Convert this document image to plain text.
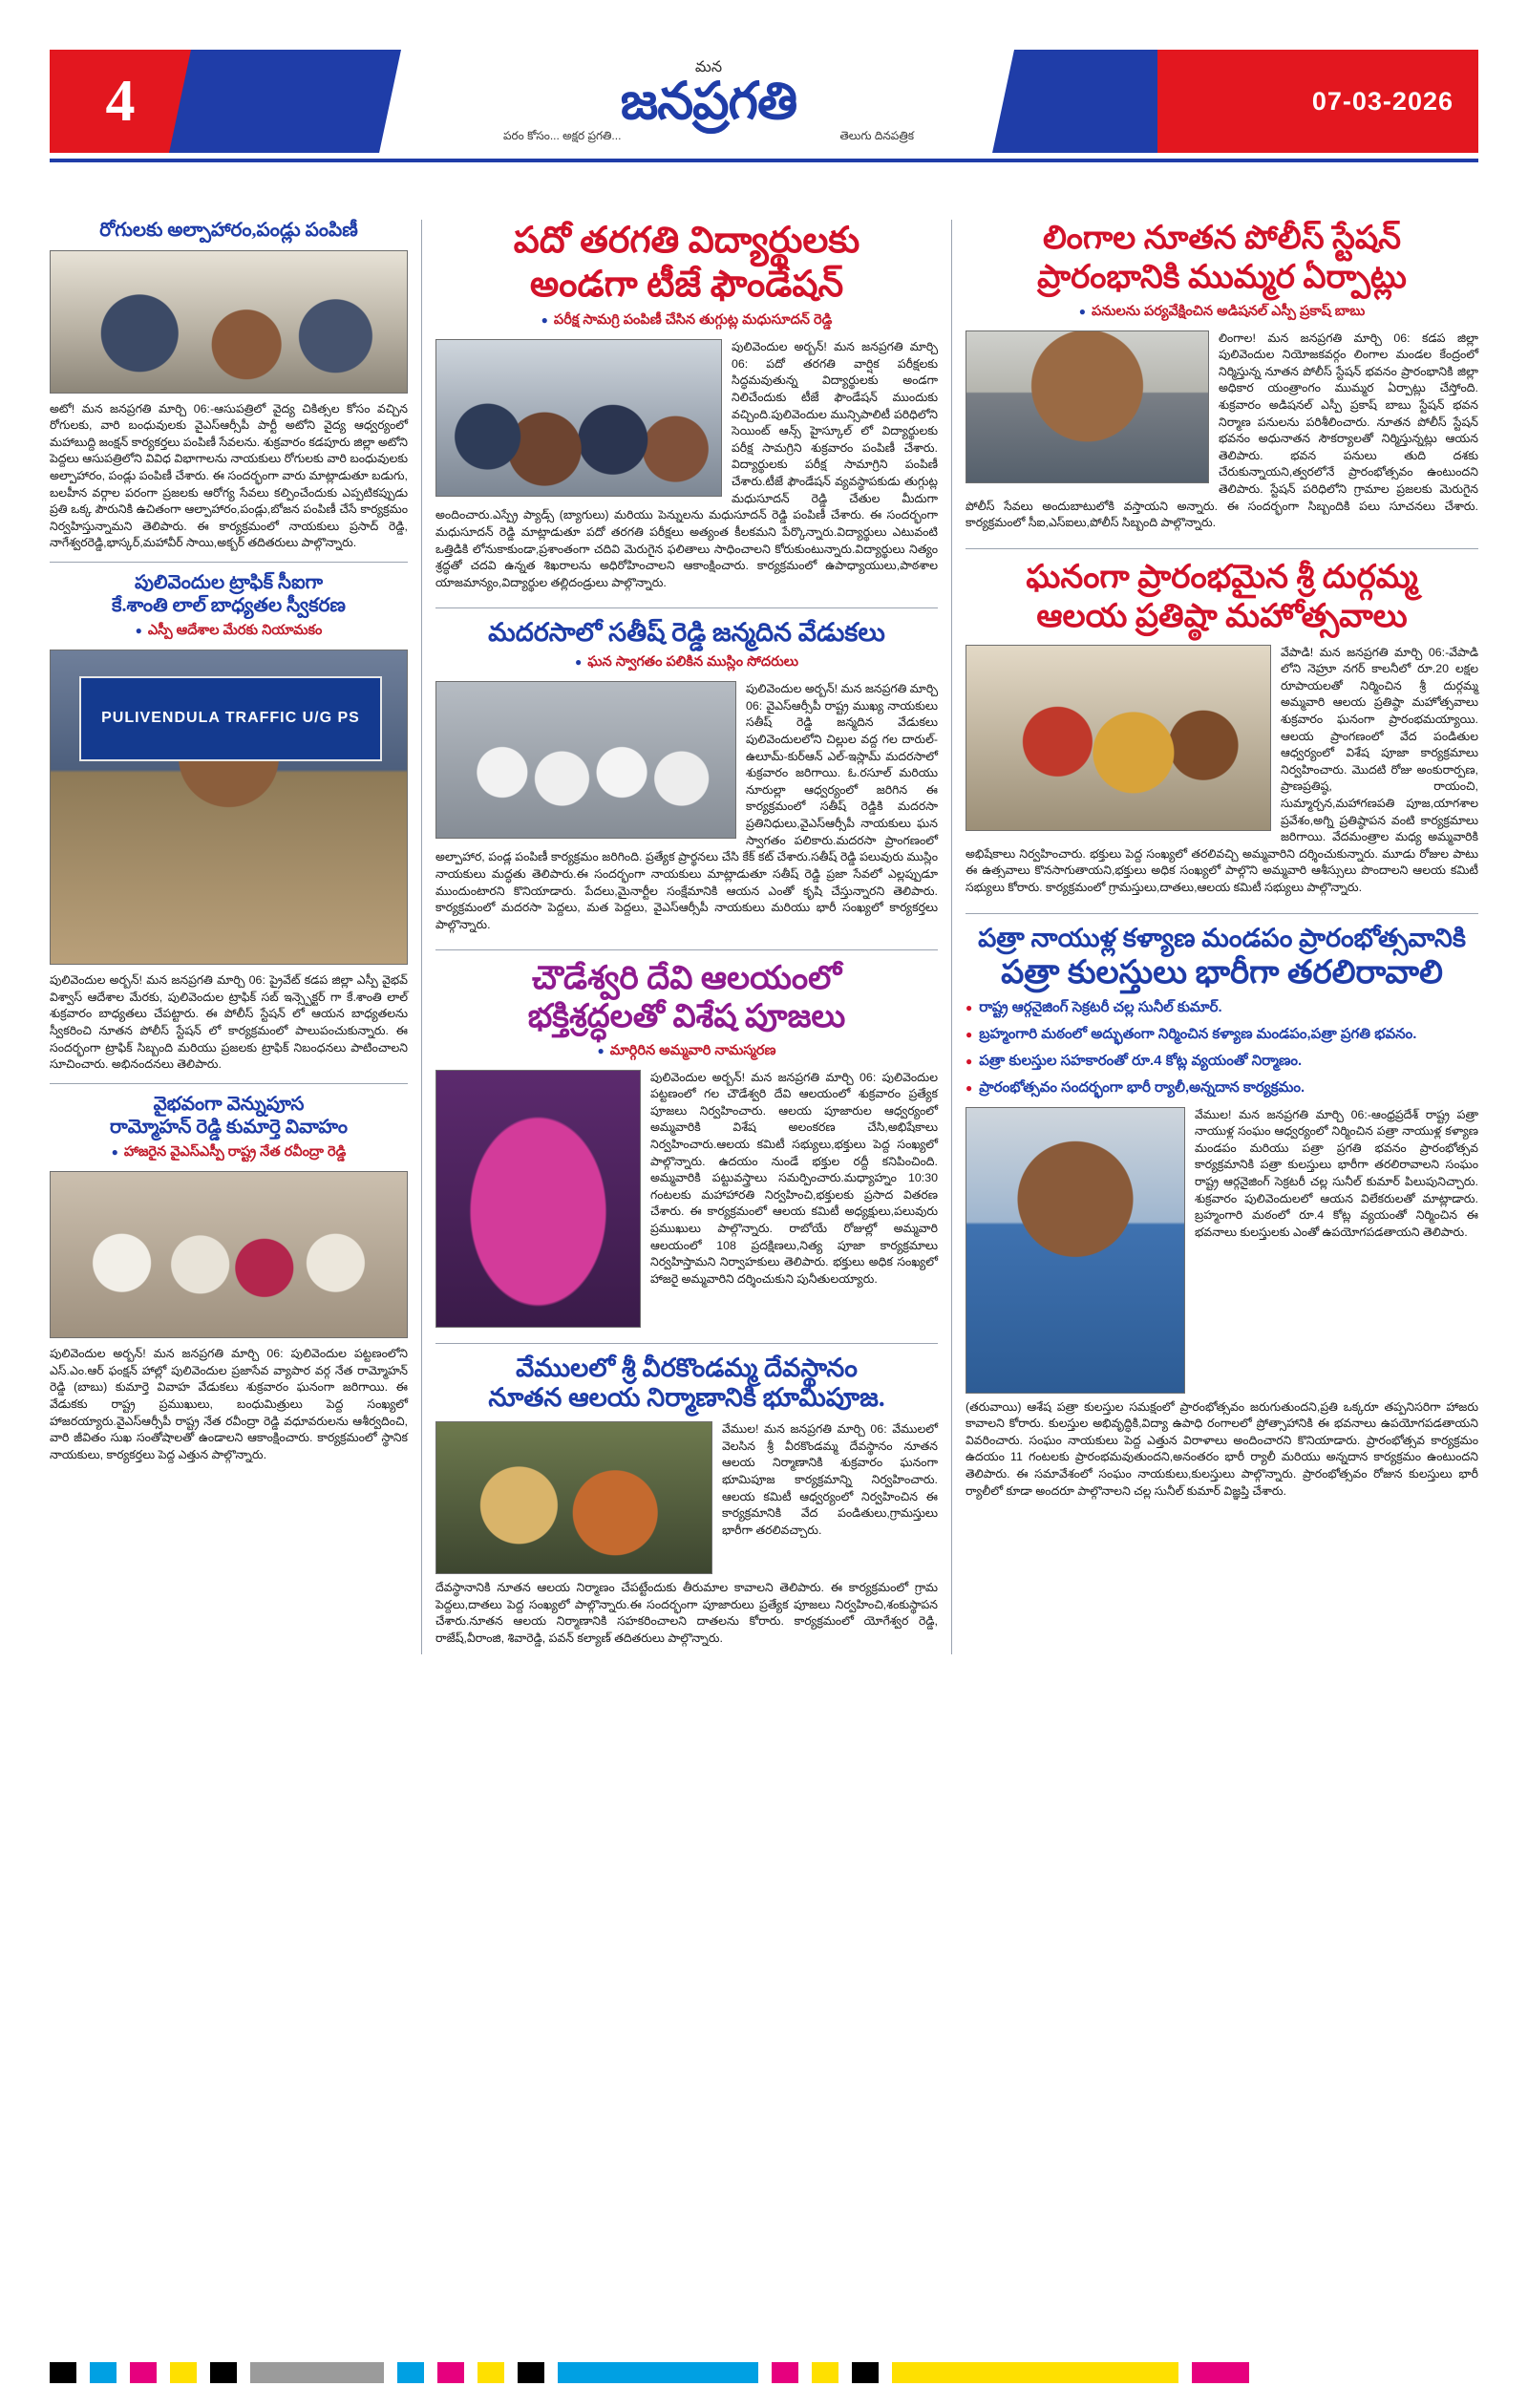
4
మన
జనప్రగతి
పరం కోసం... అక్షర ప్రగతి...	తెలుగు దినపత్రిక
07-03-2026
రోగులకు అల్పాహారం,పండ్లు పంపిణీ

అటో! మన జనప్రగతి మార్చి 06:-ఆసుపత్రిలో వైద్య చికిత్సల కోసం వచ్చిన రోగులకు, వారి బంధువులకు వైఎస్ఆర్సీపీ పార్టీ అటోని వైద్య ఆధ్వర్యంలో మహాబుద్ది జంక్షన్ కార్యకర్తలు పంపిణీ సేవలను. శుక్రవారం కడపూరు జిల్లా అటోని పెద్దలు ఆసుపత్రిలోని వివిధ విభాగాలను నాయకులు రోగులకు వారి బంధువులకు అల్పాహారం, పండ్లు పంపిణీ చేశారు. ఈ సందర్భంగా వారు మాట్లాడుతూ బడుగు, బలహీన వర్గాల పరంగా ప్రజలకు ఆరోగ్య సేవలు కల్పించేందుకు ఎప్పటికప్పుడు ప్రతి ఒక్క పౌరునికి ఉచితంగా ఆల్పాహారం,పండ్లు,బోజన పంపిణీ చేసే కార్యక్రమం నిర్వహిస్తున్నామని తెలిపారు. ఈ కార్యక్రమంలో నాయకులు ప్రసాద్ రెడ్డి, నాగేశ్వరరెడ్డి,భాస్కర్,మహావీర్ సాయి,అక్బర్ తదితరులు పాల్గొన్నారు.

పులివెందుల ట్రాఫిక్ సీఐగా
కే.శాంతి లాల్ బాధ్యతల స్వీకరణ
● ఎస్పీ ఆదేశాల మేరకు నియామకం
PULIVENDULA TRAFFIC U/G PS

పులివెందుల అర్బన్! మన జనప్రగతి మార్చి 06: ప్రైవేట్ కడప జిల్లా ఎస్పీ వైభవ్ విశ్వాస్ ఆదేశాల మేరకు, పులివెందుల ట్రాఫిక్ సబ్ ఇన్స్పెక్టర్ గా కే.శాంతి లాల్ శుక్రవారం బాధ్యతలు చేపట్టారు. ఈ పోలీస్ స్టేషన్ లో ఆయన బాధ్యతలను స్వీకరించి నూతన పోలీస్ స్టేషన్ లో కార్యక్రమంలో పాలుపంచుకున్నారు. ఈ సందర్భంగా ట్రాఫిక్ సిబ్బంది మరియు ప్రజలకు ట్రాఫిక్ నిబంధనలు పాటించాలని సూచించారు. అభినందనలు తెలిపారు.

వైభవంగా వెన్నుపూస
రామ్మోహన్ రెడ్డి కుమార్తె వివాహం
● హాజరైన వైఎస్ఎస్పీ రాష్ట్ర నేత రవీంద్రా రెడ్డి

పులివెందుల అర్బన్! మన జనప్రగతి మార్చి 06: పులివెందుల పట్టణంలోని ఎస్.ఎం.ఆర్ ఫంక్షన్ హాల్లో పులివెందుల ప్రజాసేవ వ్యాపార వర్గ నేత రామ్మోహన్ రెడ్డి (బాబు) కుమార్తె వివాహ వేడుకలు శుక్రవారం ఘనంగా జరిగాయి. ఈ వేడుకకు రాష్ట్ర ప్రముఖులు, బంధుమిత్రులు పెద్ద సంఖ్యలో హాజరయ్యారు.వైఎస్ఆర్సీపీ రాష్ట్ర నేత రవీంద్రా రెడ్డి వధూవరులను ఆశీర్వదించి, వారి జీవితం సుఖ సంతోషాలతో ఉండాలని ఆకాంక్షించారు. కార్యక్రమంలో స్థానిక నాయకులు, కార్యకర్తలు పెద్ద ఎత్తున పాల్గొన్నారు.

పదో తరగతి విద్యార్థులకు
అండగా టీజే ఫౌండేషన్
● పరీక్ష సామగ్రి పంపిణీ చేసిన తుగ్గుట్ల మధుసూదన్ రెడ్డి

పులివెందుల అర్బన్! మన జనప్రగతి మార్చి 06: పదో తరగతి వార్షిక పరీక్షలకు సిద్ధమవుతున్న విద్యార్థులకు అండగా నిలిచేందుకు టీజే ఫౌండేషన్ ముందుకు వచ్చింది.పులివెందుల మున్సిపాలిటీ పరిధిలోని సెయింట్ ఆన్స్ హైస్కూల్ లో విద్యార్థులకు పరీక్ష సామగ్రిని శుక్రవారం పంపిణీ చేశారు. విద్యార్థులకు పరీక్ష సామాగ్రిని పంపిణీ చేశారు.టీజే ఫౌండేషన్ వ్యవస్థాపకుడు తుగ్గుట్ల మధుసూదన్ రెడ్డి చేతుల మీదుగా అందించారు.ఎస్ప్రే ప్యాడ్స్ (బ్యాగులు) మరియు పెన్నులను మధుసూదన్ రెడ్డి పంపిణీ చేశారు. ఈ సందర్భంగా మధుసూదన్ రెడ్డి మాట్లాడుతూ పదో తరగతి పరీక్షలు అత్యంత కీలకమని పేర్కొన్నారు.విద్యార్థులు ఎటువంటి ఒత్తిడికి లోనుకాకుండా,ప్రశాంతంగా చదివి మెరుగైన ఫలితాలు సాధించాలని కోరుకుంటున్నారు.విద్యార్థులు నిత్యం శ్రద్ధతో చదవి ఉన్నత శిఖరాలను అధిరోహించాలని ఆకాంక్షించారు. కార్యక్రమంలో ఉపాధ్యాయులు,పాఠశాల యాజమాన్యం,విద్యార్థుల తల్లిదండ్రులు పాల్గొన్నారు.

మదరసాలో సతీష్ రెడ్డి జన్మదిన వేడుకలు
● ఘన స్వాగతం పలికిన ముస్లిం సోదరులు

పులివెందుల అర్బన్! మన జనప్రగతి మార్చి 06: వైఎస్ఆర్సీపీ రాష్ట్ర ముఖ్య నాయకులు సతీష్ రెడ్డి జన్మదిన వేడుకలు పులివెందులలోని చిల్లుల వద్ద గల దారుల్-ఉలూమ్-కుర్ఆన్ ఎల్-ఇస్లామ్ మదరసాలో శుక్రవారం జరిగాయి. ఓ.రసూల్ మరియు నూరుల్లా ఆధ్వర్యంలో జరిగిన ఈ కార్యక్రమంలో సతీష్ రెడ్డికి మదరసా ప్రతినిధులు,వైఎస్ఆర్సీపీ నాయకులు ఘన స్వాగతం పలికారు.మదరసా ప్రాంగణంలో అల్పాహార, పండ్ల పంపిణీ కార్యక్రమం జరిగింది. ప్రత్యేక ప్రార్థనలు చేసి కేక్ కట్ చేశారు.సతీష్ రెడ్డి పలువురు ముస్లిం నాయకులు మద్ధతు తెలిపారు.ఈ సందర్భంగా నాయకులు మాట్లాడుతూ సతీష్ రెడ్డి ప్రజా సేవలో ఎల్లప్పుడూ ముందుంటారని కొనియాడారు. పేదలు,మైనార్టీల సంక్షేమానికి ఆయన ఎంతో కృషి చేస్తున్నారని తెలిపారు. కార్యక్రమంలో మదరసా పెద్దలు, మత పెద్దలు, వైఎస్ఆర్సీపీ నాయకులు మరియు భారీ సంఖ్యలో కార్యకర్తలు పాల్గొన్నారు.

చౌడేశ్వరి దేవి ఆలయంలో
భక్తిశ్రద్ధలతో విశేష పూజలు
● మార్గిరిన అమ్మవారి నామస్మరణ

పులివెందుల అర్బన్! మన జనప్రగతి మార్చి 06: పులివెందుల పట్టణంలో గల చౌడేశ్వరి దేవి ఆలయంలో శుక్రవారం ప్రత్యేక పూజలు నిర్వహించారు. ఆలయ పూజారుల ఆధ్వర్యంలో అమ్మవారికి విశేష అలంకరణ చేసి,అభిషేకాలు నిర్వహించారు.ఆలయ కమిటీ సభ్యులు,భక్తులు పెద్ద సంఖ్యలో పాల్గొన్నారు. ఉదయం నుండే భక్తుల రద్దీ కనిపించింది. అమ్మవారికి పట్టువస్త్రాలు సమర్పించారు.మధ్యాహ్నం 10:30 గంటలకు మహాహారతి నిర్వహించి,భక్తులకు ప్రసాద వితరణ చేశారు. ఈ కార్యక్రమంలో ఆలయ కమిటీ అధ్యక్షులు,పలువురు ప్రముఖులు పాల్గొన్నారు. రాబోయే రోజుల్లో అమ్మవారి ఆలయంలో 108 ప్రదక్షిణలు,నిత్య పూజా కార్యక్రమాలు నిర్వహిస్తామని నిర్వాహకులు తెలిపారు. భక్తులు అధిక సంఖ్యలో హాజరై అమ్మవారిని దర్శించుకుని పునీతులయ్యారు.

వేములలో శ్రీ వీరకొండమ్మ దేవస్థానం
నూతన ఆలయ నిర్మాణానికి భూమిపూజ.

వేముల! మన జనప్రగతి మార్చి 06: వేములలో వెలసిన శ్రీ వీరకొండమ్మ దేవస్థానం నూతన ఆలయ నిర్మాణానికి శుక్రవారం ఘనంగా భూమిపూజ కార్యక్రమాన్ని నిర్వహించారు. ఆలయ కమిటీ ఆధ్వర్యంలో నిర్వహించిన ఈ కార్యక్రమానికి వేద పండితులు,గ్రామస్తులు భారీగా తరలివచ్చారు.

దేవస్థానానికి నూతన ఆలయ నిర్మాణం చేపట్టేందుకు తీరుమాల కావాలని తెలిపారు. ఈ కార్యక్రమంలో గ్రామ పెద్దలు,దాతలు పెద్ద సంఖ్యలో పాల్గొన్నారు.ఈ సందర్భంగా పూజారులు ప్రత్యేక పూజలు నిర్వహించి,శంకుస్థాపన చేశారు.నూతన ఆలయ నిర్మాణానికి సహకరించాలని దాతలను కోరారు. కార్యక్రమంలో యోగేశ్వర రెడ్డి, రాజేష్,వీరాంజి, శివారెడ్డి, పవన్ కల్యాణ్ తదితరులు పాల్గొన్నారు.

లింగాల నూతన పోలీస్ స్టేషన్
ప్రారంభానికి ముమ్మర ఏర్పాట్లు
● పనులను పర్యవేక్షించిన అడిషనల్ ఎస్పీ ప్రకాష్ బాబు

లింగాల! మన జనప్రగతి మార్చి 06: కడప జిల్లా పులివెందుల నియోజకవర్గం లింగాల మండల కేంద్రంలో నిర్మిస్తున్న నూతన పోలీస్ స్టేషన్ భవనం ప్రారంభానికి జిల్లా అధికార యంత్రాంగం ముమ్మర ఏర్పాట్లు చేస్తోంది. శుక్రవారం అడిషనల్ ఎస్పీ ప్రకాష్ బాబు స్టేషన్ భవన నిర్మాణ పనులను పరిశీలించారు. నూతన పోలీస్ స్టేషన్ భవనం అధునాతన సౌకర్యాలతో నిర్మిస్తున్నట్లు ఆయన తెలిపారు. భవన పనులు తుది దశకు చేరుకున్నాయని,త్వరలోనే ప్రారంభోత్సవం ఉంటుందని తెలిపారు. స్టేషన్ పరిధిలోని గ్రామాల ప్రజలకు మెరుగైన పోలీస్ సేవలు అందుబాటులోకి వస్తాయని అన్నారు. ఈ సందర్భంగా సిబ్బందికి పలు సూచనలు చేశారు. కార్యక్రమంలో సీఐ,ఎస్ఐలు,పోలీస్ సిబ్బంది పాల్గొన్నారు.

ఘనంగా ప్రారంభమైన శ్రీ దుర్గమ్మ
ఆలయ ప్రతిష్ఠా మహోత్సవాలు

వేపాడి! మన జనప్రగతి మార్చి 06:-వేపాడి లోని నెహ్రూ నగర్ కాలనీలో రూ.20 లక్షల రూపాయలతో నిర్మించిన శ్రీ దుర్గమ్మ అమ్మవారి ఆలయ ప్రతిష్ఠా మహోత్సవాలు శుక్రవారం ఘనంగా ప్రారంభమయ్యాయి. ఆలయ ప్రాంగణంలో వేద పండితుల ఆధ్వర్యంలో విశేష పూజా కార్యక్రమాలు నిర్వహించారు. మొదటి రోజు అంకురార్పణ, ప్రాణప్రతిష్ఠ, రాయంచి, సుమ్మార్చన,మహాగణపతి పూజ,యాగశాల ప్రవేశం,అగ్ని ప్రతిష్ఠాపన వంటి కార్యక్రమాలు జరిగాయి. వేదమంత్రాల మధ్య అమ్మవారికి అభిషేకాలు నిర్వహించారు. భక్తులు పెద్ద సంఖ్యలో తరలివచ్చి అమ్మవారిని దర్శించుకున్నారు. మూడు రోజుల పాటు ఈ ఉత్సవాలు కొనసాగుతాయని,భక్తులు అధిక సంఖ్యలో పాల్గొని అమ్మవారి ఆశీస్సులు పొందాలని ఆలయ కమిటీ సభ్యులు కోరారు. కార్యక్రమంలో గ్రామస్తులు,దాతలు,ఆలయ కమిటీ సభ్యులు పాల్గొన్నారు.

పత్రా నాయుళ్ల కళ్యాణ మండపం ప్రారంభోత్సవానికి
పత్రా కులస్తులు భారీగా తరలిరావాలి
● రాష్ట్ర ఆర్గనైజింగ్ సెక్రటరీ చల్ల సునీల్ కుమార్.
● బ్రహ్మంగారి మఠంలో అద్భుతంగా నిర్మించిన కళ్యాణ మండపం,పత్రా ప్రగతి భవనం.
● పత్రా కులస్తుల సహకారంతో రూ.4 కోట్ల వ్యయంతో నిర్మాణం.
● ప్రారంభోత్సవం సందర్భంగా భారీ ర్యాలీ,అన్నదాన కార్యక్రమం.

వేముల! మన జనప్రగతి మార్చి 06:-ఆంధ్రప్రదేశ్ రాష్ట్ర పత్రా నాయుళ్ల సంఘం ఆధ్వర్యంలో నిర్మించిన పత్రా నాయుళ్ల కళ్యాణ మండపం మరియు పత్రా ప్రగతి భవనం ప్రారంభోత్సవ కార్యక్రమానికి పత్రా కులస్తులు భారీగా తరలిరావాలని సంఘం రాష్ట్ర ఆర్గనైజింగ్ సెక్రటరీ చల్ల సునీల్ కుమార్ పిలుపునిచ్చారు. శుక్రవారం పులివెందులలో ఆయన విలేకరులతో మాట్లాడారు. బ్రహ్మంగారి మఠంలో రూ.4 కోట్ల వ్యయంతో నిర్మించిన ఈ భవనాలు కులస్తులకు ఎంతో ఉపయోగపడతాయని తెలిపారు.

(తరువాయి) ఆశేష పత్రా కులస్తుల సమక్షంలో ప్రారంభోత్సవం జరుగుతుందని,ప్రతి ఒక్కరూ తప్పనిసరిగా హాజరు కావాలని కోరారు. కులస్తుల అభివృద్ధికి,విద్యా ఉపాధి రంగాలలో ప్రోత్సాహానికి ఈ భవనాలు ఉపయోగపడతాయని వివరించారు. సంఘం నాయకులు పెద్ద ఎత్తున విరాళాలు అందించారని కొనియాడారు. ప్రారంభోత్సవ కార్యక్రమం ఉదయం 11 గంటలకు ప్రారంభమవుతుందని,అనంతరం భారీ ర్యాలీ మరియు అన్నదాన కార్యక్రమం ఉంటుందని తెలిపారు. ఈ సమావేశంలో సంఘం నాయకులు,కులస్తులు పాల్గొన్నారు. ప్రారంభోత్సవం రోజున కులస్తులు భారీ ర్యాలీలో కూడా అందరూ పాల్గొనాలని చల్ల సునీల్ కుమార్ విజ్ఞప్తి చేశారు.
